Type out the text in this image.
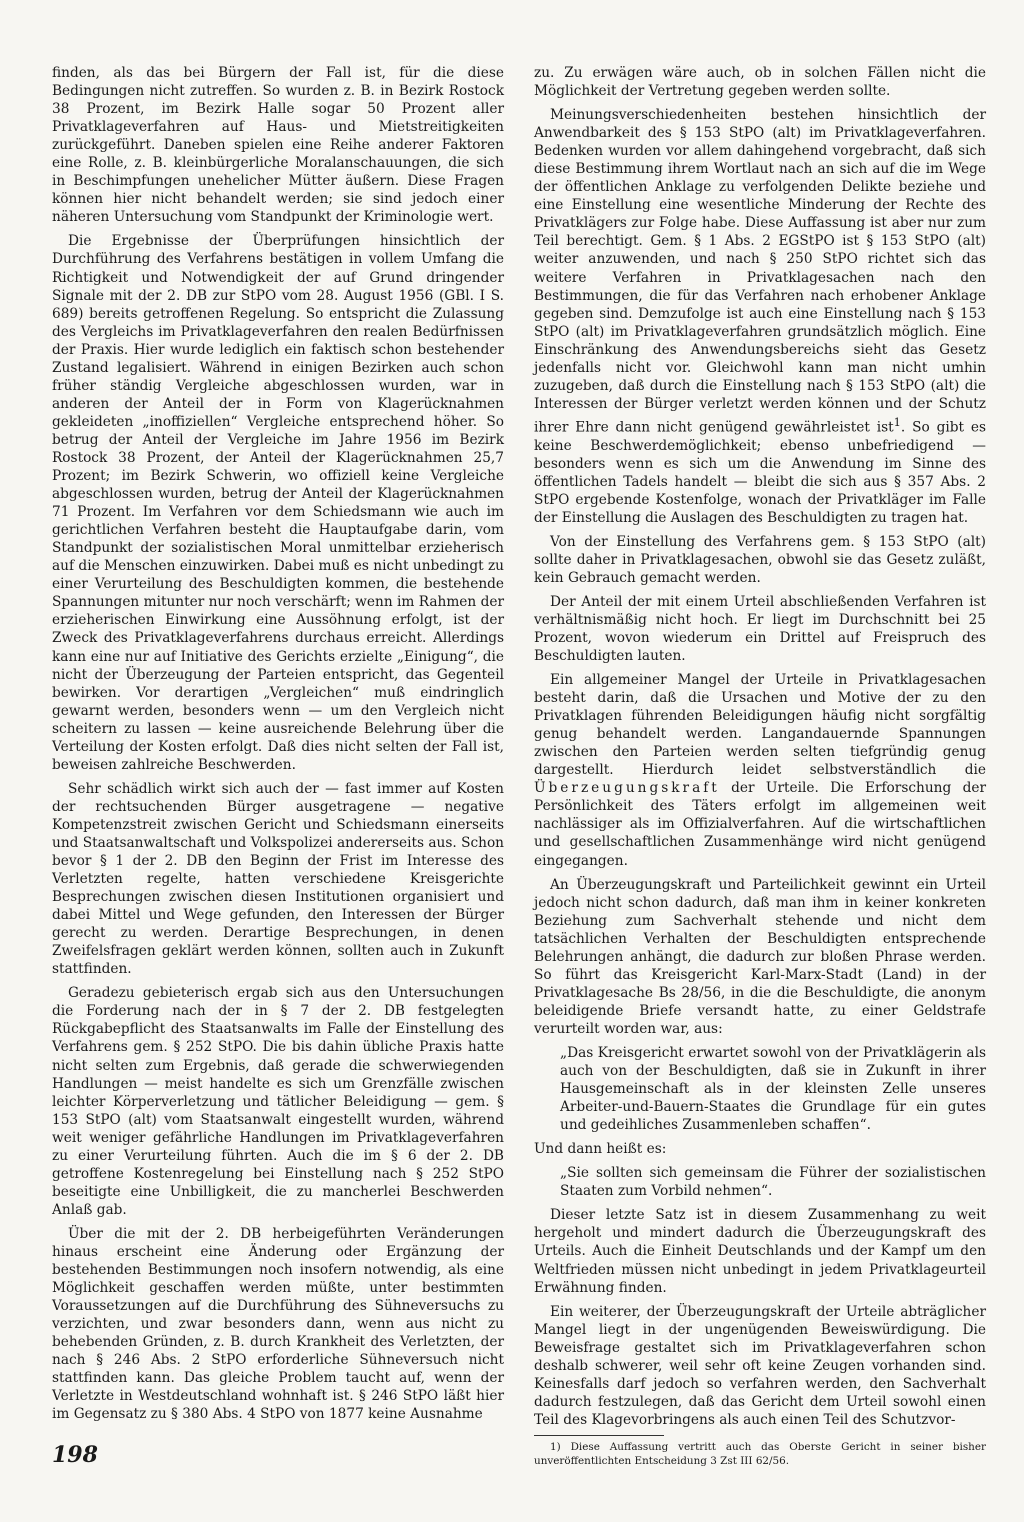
finden, als das bei Bürgern der Fall ist, für die diese Bedingungen nicht zutreffen. So wurden z. B. in Bezirk Rostock 38 Prozent, im Bezirk Halle sogar 50 Prozent aller Privatklageverfahren auf Haus- und Mietstreitigkeiten zurückgeführt. Daneben spielen eine Reihe anderer Faktoren eine Rolle, z. B. kleinbürgerliche Moralanschauungen, die sich in Beschimpfungen unehelicher Mütter äußern. Diese Fragen können hier nicht behandelt werden; sie sind jedoch einer näheren Untersuchung vom Standpunkt der Kriminologie wert.

Die Ergebnisse der Überprüfungen hinsichtlich der Durchführung des Verfahrens bestätigen in vollem Umfang die Richtigkeit und Notwendigkeit der auf Grund dringender Signale mit der 2. DB zur StPO vom 28. August 1956 (GBl. I S. 689) bereits getroffenen Regelung. So entspricht die Zulassung des Vergleichs im Privatklageverfahren den realen Bedürfnissen der Praxis. Hier wurde lediglich ein faktisch schon bestehender Zustand legalisiert. Während in einigen Bezirken auch schon früher ständig Vergleiche abgeschlossen wurden, war in anderen der Anteil der in Form von Klagerücknahmen gekleideten „inoffiziellen“ Vergleiche entsprechend höher. So betrug der Anteil der Vergleiche im Jahre 1956 im Bezirk Rostock 38 Prozent, der Anteil der Klagerücknahmen 25,7 Prozent; im Bezirk Schwerin, wo offiziell keine Vergleiche abgeschlossen wurden, betrug der Anteil der Klagerücknahmen 71 Prozent. Im Verfahren vor dem Schiedsmann wie auch im gerichtlichen Verfahren besteht die Hauptaufgabe darin, vom Standpunkt der sozialistischen Moral unmittelbar erzieherisch auf die Menschen einzuwirken. Dabei muß es nicht unbedingt zu einer Verurteilung des Beschuldigten kommen, die bestehende Spannungen mitunter nur noch verschärft; wenn im Rahmen der erzieherischen Einwirkung eine Aussöhnung erfolgt, ist der Zweck des Privatklageverfahrens durchaus erreicht. Allerdings kann eine nur auf Initiative des Gerichts erzielte „Einigung“, die nicht der Überzeugung der Parteien entspricht, das Gegenteil bewirken. Vor derartigen „Vergleichen“ muß eindringlich gewarnt werden, besonders wenn — um den Vergleich nicht scheitern zu lassen — keine ausreichende Belehrung über die Verteilung der Kosten erfolgt. Daß dies nicht selten der Fall ist, beweisen zahlreiche Beschwerden.

Sehr schädlich wirkt sich auch der — fast immer auf Kosten der rechtsuchenden Bürger ausgetragene — negative Kompetenzstreit zwischen Gericht und Schiedsmann einerseits und Staatsanwaltschaft und Volkspolizei andererseits aus. Schon bevor § 1 der 2. DB den Beginn der Frist im Interesse des Verletzten regelte, hatten verschiedene Kreisgerichte Besprechungen zwischen diesen Institutionen organisiert und dabei Mittel und Wege gefunden, den Interessen der Bürger gerecht zu werden. Derartige Besprechungen, in denen Zweifelsfragen geklärt werden können, sollten auch in Zukunft stattfinden.

Geradezu gebieterisch ergab sich aus den Untersuchungen die Forderung nach der in § 7 der 2. DB festgelegten Rückgabepflicht des Staatsanwalts im Falle der Einstellung des Verfahrens gem. § 252 StPO. Die bis dahin übliche Praxis hatte nicht selten zum Ergebnis, daß gerade die schwerwiegenden Handlungen — meist handelte es sich um Grenzfälle zwischen leichter Körperverletzung und tätlicher Beleidigung — gem. § 153 StPO (alt) vom Staatsanwalt eingestellt wurden, während weit weniger gefährliche Handlungen im Privatklageverfahren zu einer Verurteilung führten. Auch die im § 6 der 2. DB getroffene Kostenregelung bei Einstellung nach § 252 StPO beseitigte eine Unbilligkeit, die zu mancherlei Beschwerden Anlaß gab.

Über die mit der 2. DB herbeigeführten Veränderungen hinaus erscheint eine Änderung oder Ergänzung der bestehenden Bestimmungen noch insofern notwendig, als eine Möglichkeit geschaffen werden müßte, unter bestimmten Voraussetzungen auf die Durchführung des Sühneversuchs zu verzichten, und zwar besonders dann, wenn aus nicht zu behebenden Gründen, z. B. durch Krankheit des Verletzten, der nach § 246 Abs. 2 StPO erforderliche Sühneversuch nicht stattfinden kann. Das gleiche Problem taucht auf, wenn der Verletzte in Westdeutschland wohnhaft ist. § 246 StPO läßt hier im Gegensatz zu § 380 Abs. 4 StPO von 1877 keine Ausnahme

zu. Zu erwägen wäre auch, ob in solchen Fällen nicht die Möglichkeit der Vertretung gegeben werden sollte.

Meinungsverschiedenheiten bestehen hinsichtlich der Anwendbarkeit des § 153 StPO (alt) im Privatklageverfahren. Bedenken wurden vor allem dahingehend vorgebracht, daß sich diese Bestimmung ihrem Wortlaut nach an sich auf die im Wege der öffentlichen Anklage zu verfolgenden Delikte beziehe und eine Einstellung eine wesentliche Minderung der Rechte des Privatklägers zur Folge habe. Diese Auffassung ist aber nur zum Teil berechtigt. Gem. § 1 Abs. 2 EGStPO ist § 153 StPO (alt) weiter anzuwenden, und nach § 250 StPO richtet sich das weitere Verfahren in Privatklagesachen nach den Bestimmungen, die für das Verfahren nach erhobener Anklage gegeben sind. Demzufolge ist auch eine Einstellung nach § 153 StPO (alt) im Privatklageverfahren grundsätzlich möglich. Eine Einschränkung des Anwendungsbereichs sieht das Gesetz jedenfalls nicht vor. Gleichwohl kann man nicht umhin zuzugeben, daß durch die Einstellung nach § 153 StPO (alt) die Interessen der Bürger verletzt werden können und der Schutz ihrer Ehre dann nicht genügend gewährleistet ist$^1$. So gibt es keine Beschwerdemöglichkeit; ebenso unbefriedigend — besonders wenn es sich um die Anwendung im Sinne des öffentlichen Tadels handelt — bleibt die sich aus § 357 Abs. 2 StPO ergebende Kostenfolge, wonach der Privatkläger im Falle der Einstellung die Auslagen des Beschuldigten zu tragen hat.

Von der Einstellung des Verfahrens gem. § 153 StPO (alt) sollte daher in Privatklagesachen, obwohl sie das Gesetz zuläßt, kein Gebrauch gemacht werden.

Der Anteil der mit einem Urteil abschließenden Verfahren ist verhältnismäßig nicht hoch. Er liegt im Durchschnitt bei 25 Prozent, wovon wiederum ein Drittel auf Freispruch des Beschuldigten lauten.

Ein allgemeiner Mangel der Urteile in Privatklagesachen besteht darin, daß die Ursachen und Motive der zu den Privatklagen führenden Beleidigungen häufig nicht sorgfältig genug behandelt werden. Langandauernde Spannungen zwischen den Parteien werden selten tiefgründig genug dargestellt. Hierdurch leidet selbstverständlich die Überzeugungskraft der Urteile. Die Erforschung der Persönlichkeit des Täters erfolgt im allgemeinen weit nachlässiger als im Offizialverfahren. Auf die wirtschaftlichen und gesellschaftlichen Zusammenhänge wird nicht genügend eingegangen.

An Überzeugungskraft und Parteilichkeit gewinnt ein Urteil jedoch nicht schon dadurch, daß man ihm in keiner konkreten Beziehung zum Sachverhalt stehende und nicht dem tatsächlichen Verhalten der Beschuldigten entsprechende Belehrungen anhängt, die dadurch zur bloßen Phrase werden. So führt das Kreisgericht Karl-Marx-Stadt (Land) in der Privatklagesache Bs 28/56, in die die Beschuldigte, die anonym beleidigende Briefe versandt hatte, zu einer Geldstrafe verurteilt worden war, aus:

„Das Kreisgericht erwartet sowohl von der Privatklägerin als auch von der Beschuldigten, daß sie in Zukunft in ihrer Hausgemeinschaft als in der kleinsten Zelle unseres Arbeiter-und-Bauern-Staates die Grundlage für ein gutes und gedeihliches Zusammenleben schaffen“.

Und dann heißt es:

„Sie sollten sich gemeinsam die Führer der sozialistischen Staaten zum Vorbild nehmen“.

Dieser letzte Satz ist in diesem Zusammenhang zu weit hergeholt und mindert dadurch die Überzeugungskraft des Urteils. Auch die Einheit Deutschlands und der Kampf um den Weltfrieden müssen nicht unbedingt in jedem Privatklageurteil Erwähnung finden.

Ein weiterer, der Überzeugungskraft der Urteile abträglicher Mangel liegt in der ungenügenden Beweiswürdigung. Die Beweisfrage gestaltet sich im Privatklageverfahren schon deshalb schwerer, weil sehr oft keine Zeugen vorhanden sind. Keinesfalls darf jedoch so verfahren werden, den Sachverhalt dadurch festzulegen, daß das Gericht dem Urteil sowohl einen Teil des Klagevorbringens als auch einen Teil des Schutzvor-

1) Diese Auffassung vertritt auch das Oberste Gericht in seiner bisher unveröffentlichten Entscheidung 3 Zst III 62/56.

198
